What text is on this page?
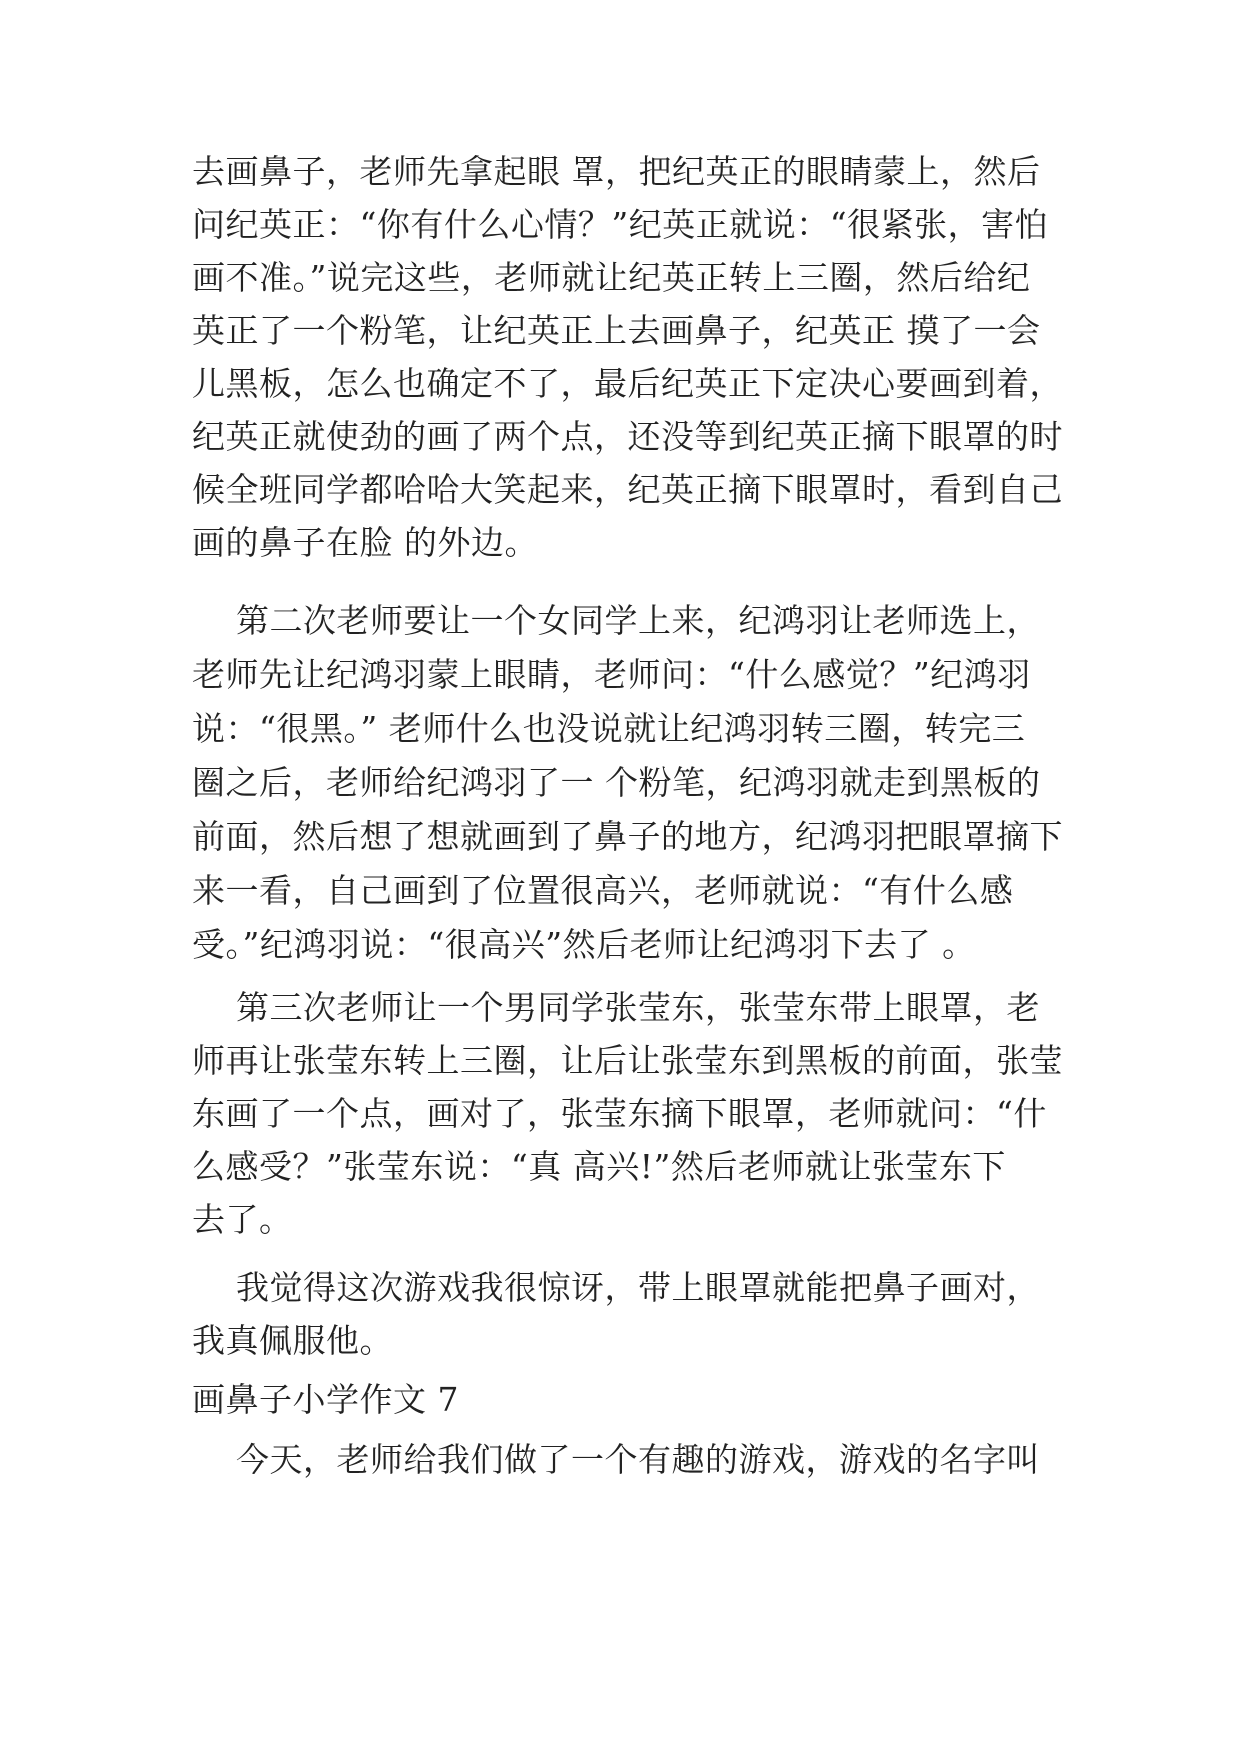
去画鼻子，老师先拿起眼 罩，把纪英正的眼睛蒙上，然后
问纪英正：“你有什么心情？”纪英正就说：“很紧张，害怕
画不准。”说完这些，老师就让纪英正转上三圈，然后给纪
英正了一个粉笔，让纪英正上去画鼻子，纪英正 摸了一会
儿黑板，怎么也确定不了，最后纪英正下定决心要画到着，
纪英正就使劲的画了两个点，还没等到纪英正摘下眼罩的时
候全班同学都哈哈大笑起来，纪英正摘下眼罩时，看到自己
画的鼻子在脸 的外边。
第二次老师要让一个女同学上来，纪鸿羽让老师选上，
老师先让纪鸿羽蒙上眼睛，老师问：“什么感觉？”纪鸿羽
说：“很黑。” 老师什么也没说就让纪鸿羽转三圈，转完三
圈之后，老师给纪鸿羽了一 个粉笔，纪鸿羽就走到黑板的
前面，然后想了想就画到了鼻子的地方，纪鸿羽把眼罩摘下
来一看，自己画到了位置很高兴，老师就说：“有什么感
受。”纪鸿羽说：“很高兴”然后老师让纪鸿羽下去了 。
第三次老师让一个男同学张莹东，张莹东带上眼罩，老
师再让张莹东转上三圈，让后让张莹东到黑板的前面，张莹
东画了一个点，画对了，张莹东摘下眼罩，老师就问：“什
么感受？”张莹东说：“真 高兴!”然后老师就让张莹东下
去了。
我觉得这次游戏我很惊讶，带上眼罩就能把鼻子画对，
我真佩服他。
画鼻子小学作文 7
今天，老师给我们做了一个有趣的游戏，游戏的名字叫
